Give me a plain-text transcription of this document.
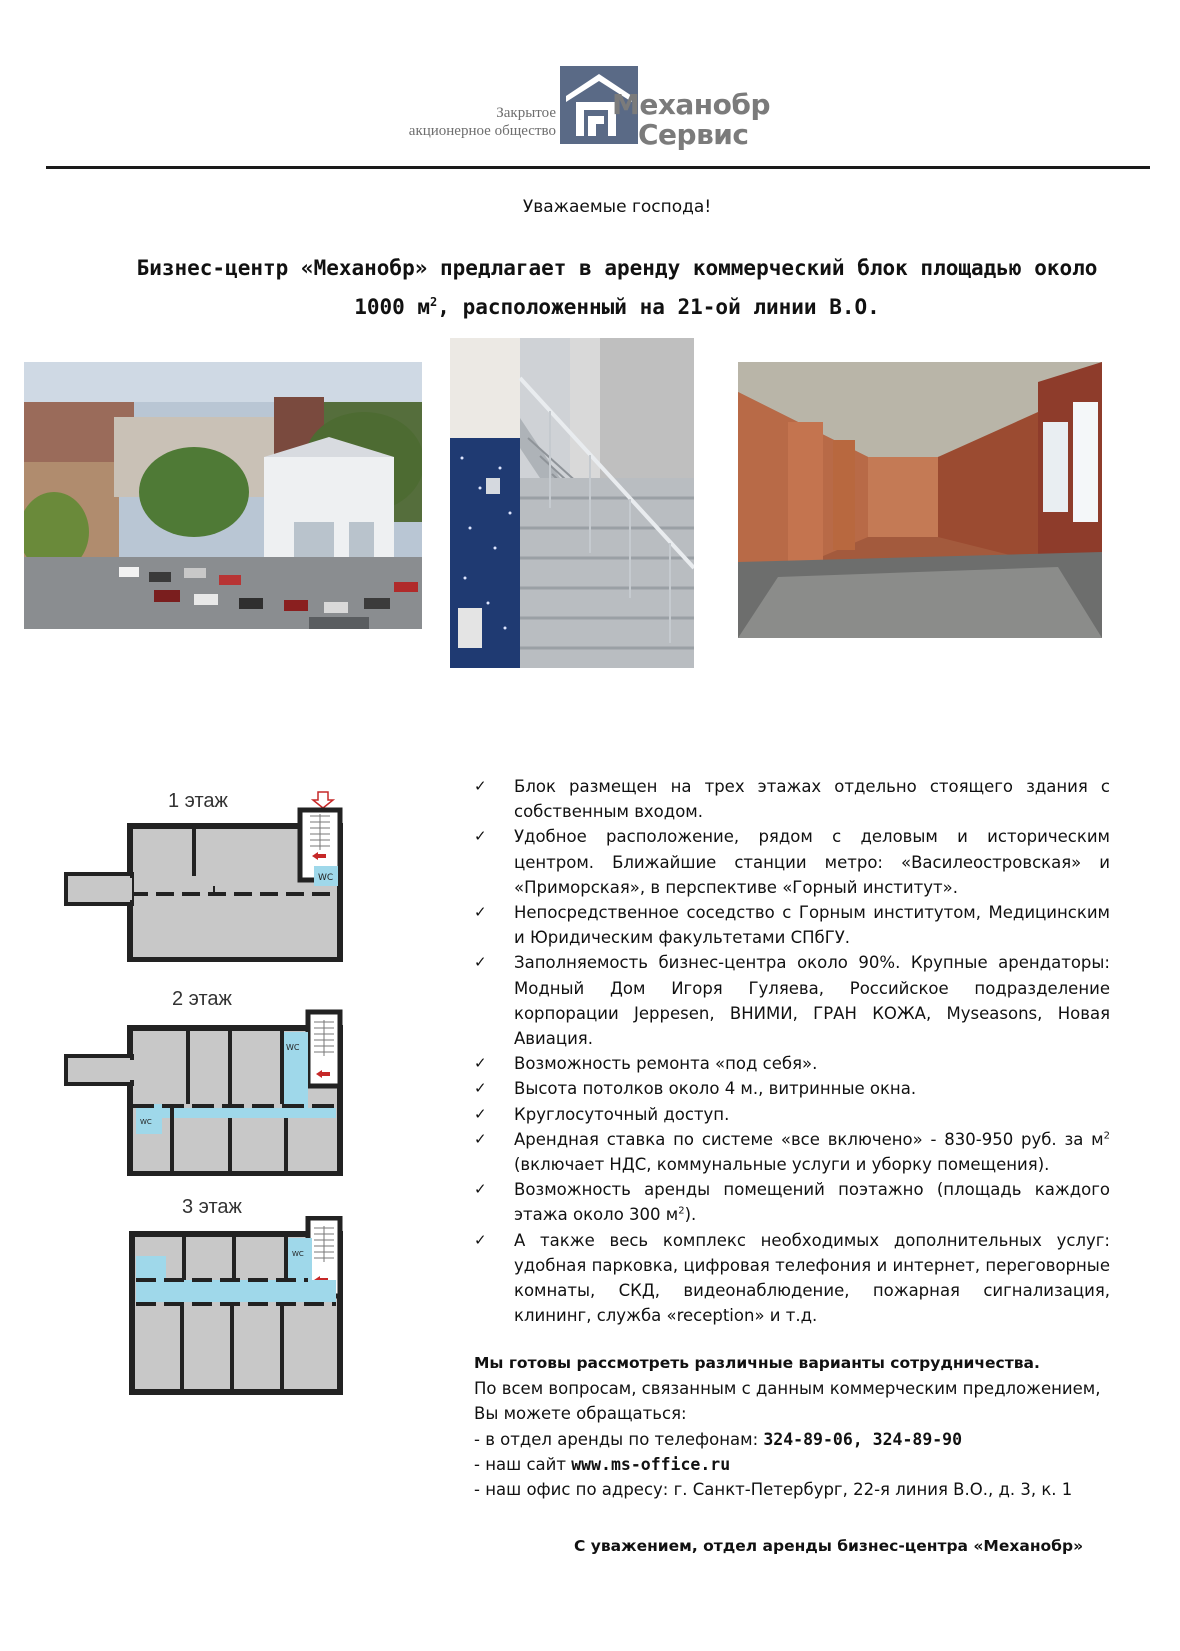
Закрытое
акционерное общество
Механобр
Сервис
Уважаемые господа!
Бизнес-центр «Механобр» предлагает в аренду коммерческий блок площадью около
1000 $м^2$, расположенный на 21-ой линии В.О.
1 этаж
WC
2 этаж
WC
WC
3 этаж
WC
✓ Блок размещен на трех этажах отдельно стоящего здания с собственным входом.
✓ Удобное расположение, рядом с деловым и историческим центром. Ближайшие станции метро: «Василеостровская» и «Приморская», в перспективе «Горный институт».
✓ Непосредственное соседство с Горным институтом, Медицинским и Юридическим факультетами СПбГУ.
✓ Заполняемость бизнес-центра около 90%. Крупные арендаторы: Модный Дом Игоря Гуляева, Российское подразделение корпорации Jeppesen, ВНИМИ, ГРАН КОЖА, Myseasons, Новая Авиация.
✓ Возможность ремонта «под себя».
✓ Высота потолков около 4 м., витринные окна.
✓ Круглосуточный доступ.
✓ Арендная ставка по системе «все включено» - 830-950 руб. за $м^2$ (включает НДС, коммунальные услуги и уборку помещения).
✓ Возможность аренды помещений поэтажно (площадь каждого этажа около 300 $м^2$).
✓ А также весь комплекс необходимых дополнительных услуг: удобная парковка, цифровая телефония и интернет, переговорные комнаты, СКД, видеонаблюдение, пожарная сигнализация, клининг, служба «reception» и т.д.
Мы готовы рассмотреть различные варианты сотрудничества.
По всем вопросам, связанным с данным коммерческим предложением, Вы можете обращаться:
- в отдел аренды по телефонам: 324-89-06, 324-89-90
- наш сайт www.ms-office.ru
- наш офис по адресу: г. Санкт-Петербург, 22-я линия В.О., д. 3, к. 1
С уважением, отдел аренды бизнес-центра «Механобр»
